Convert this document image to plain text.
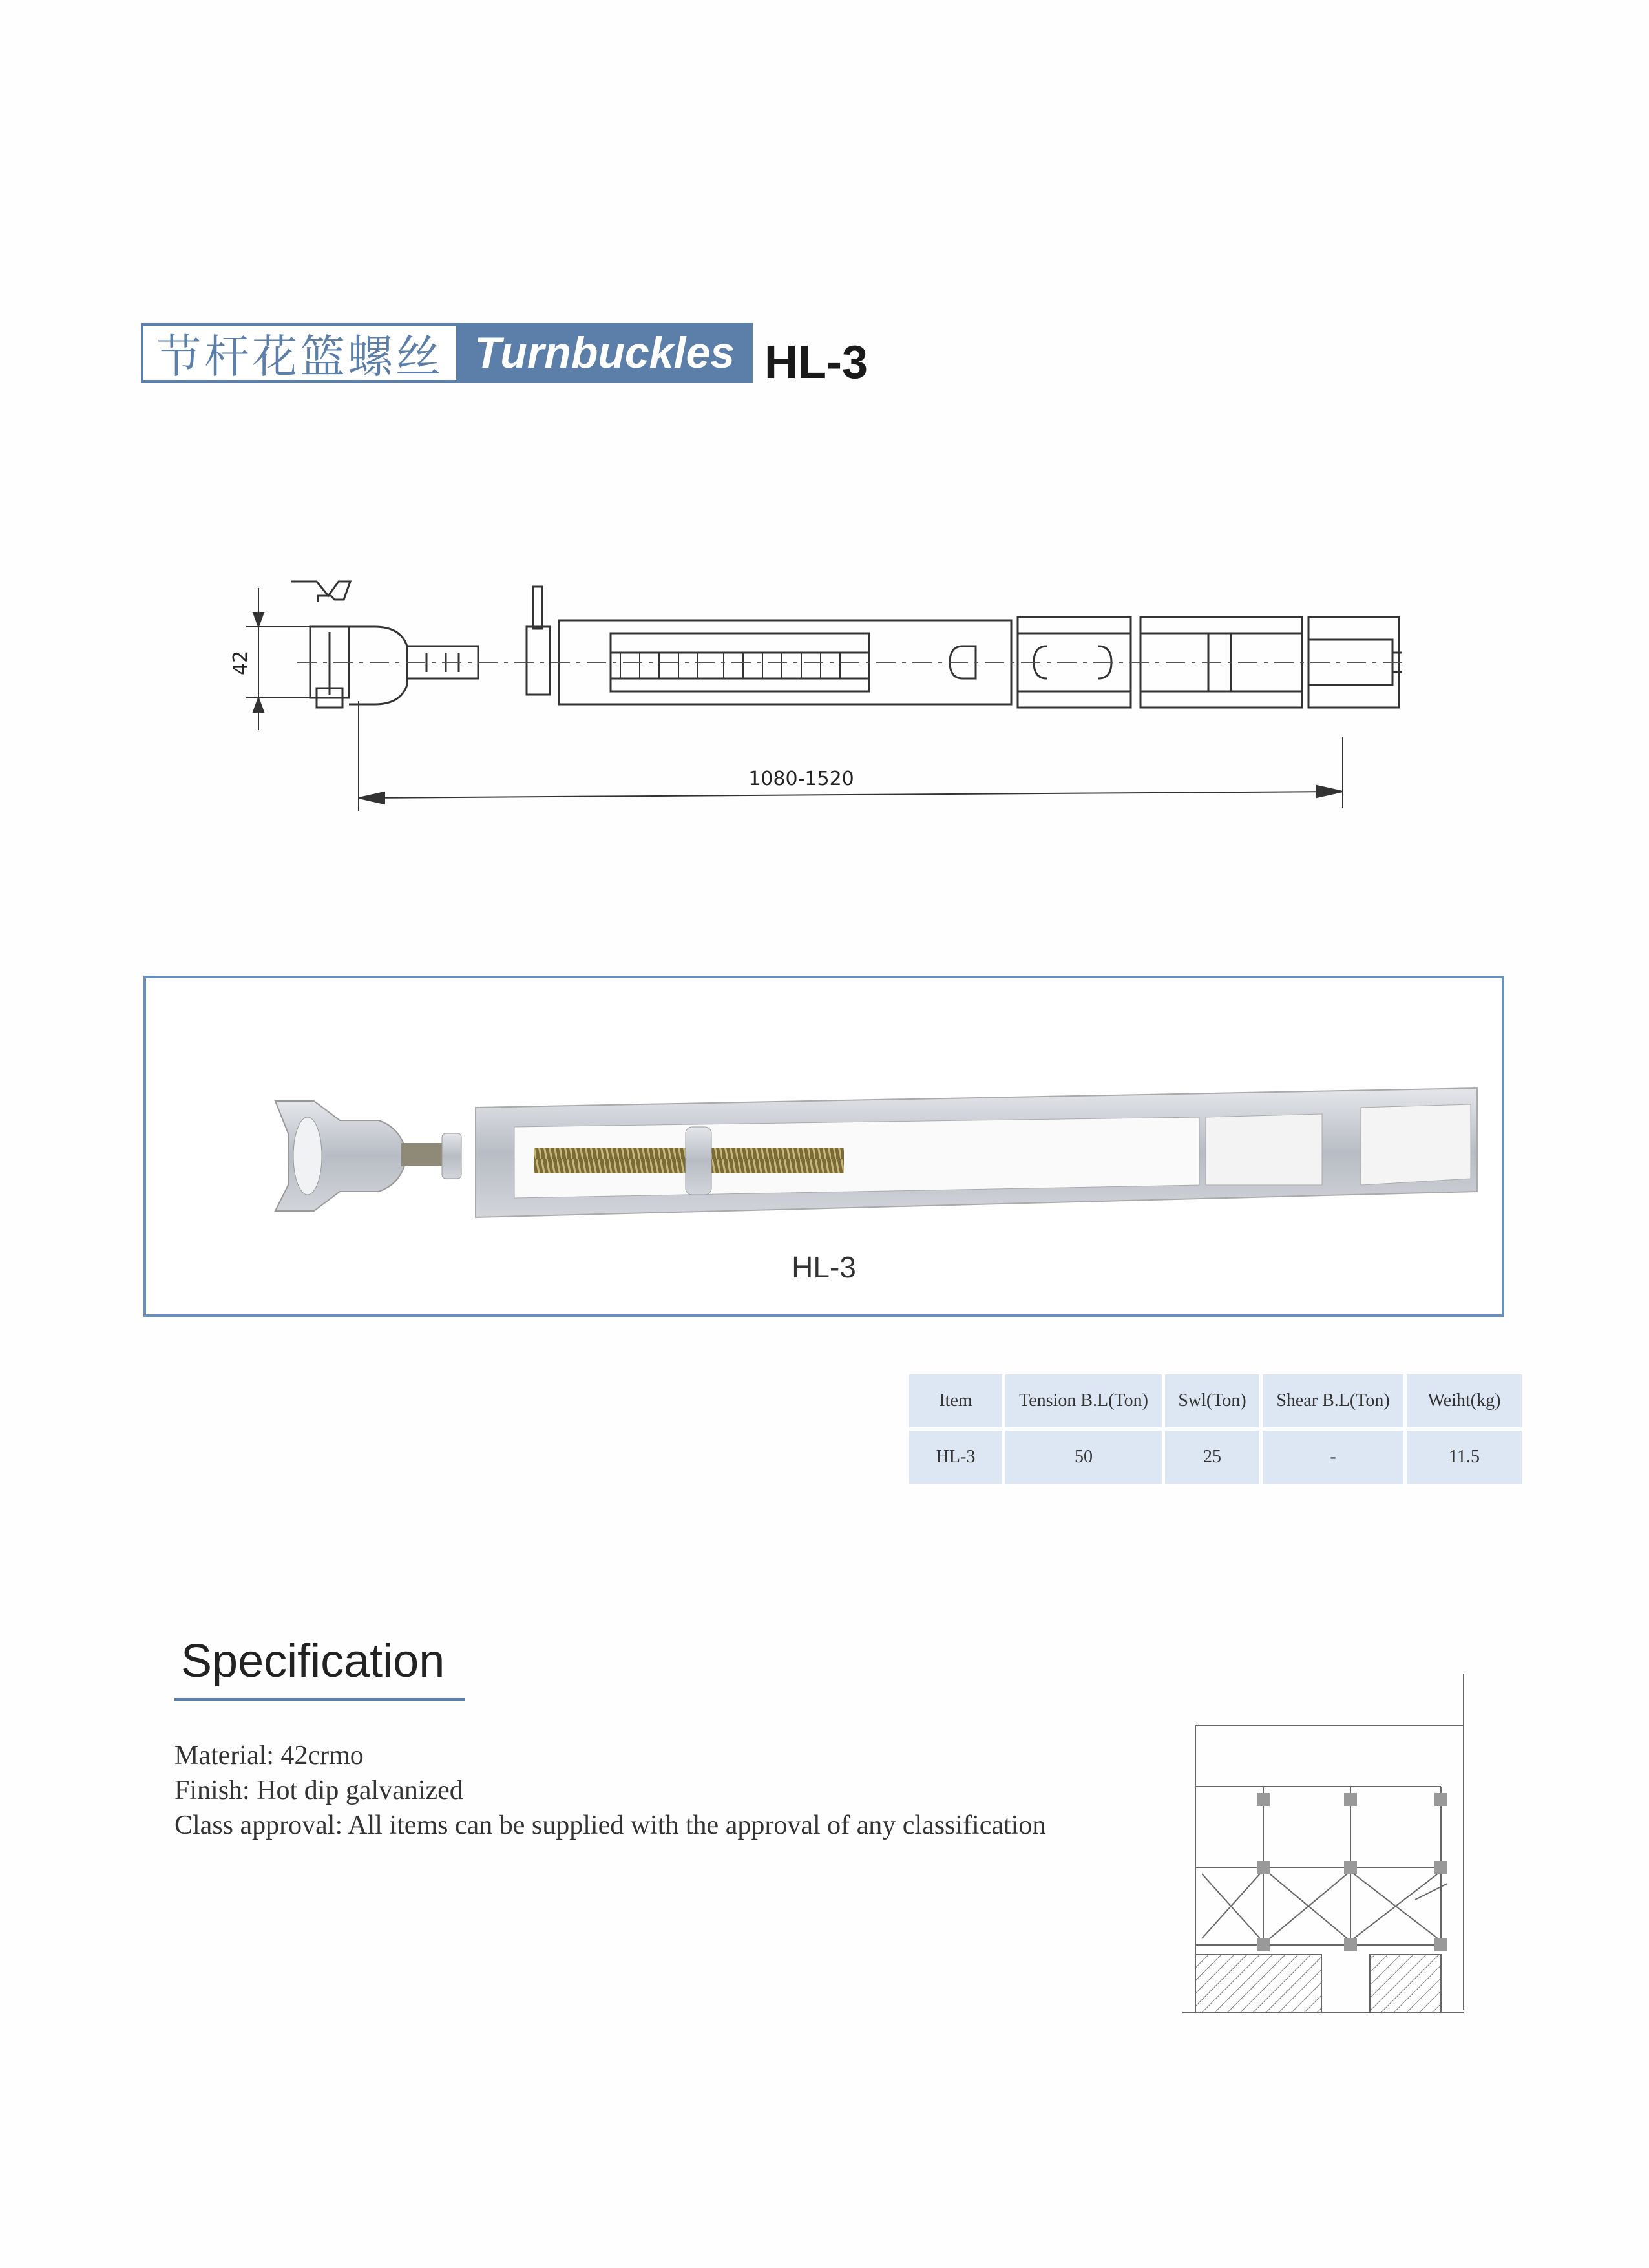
节杆花篮螺丝 Turnbuckles HL-3
42
1080-1520
HL-3
Item	Tension B.L(Ton)	Swl(Ton)	Shear B.L(Ton)	Weiht(kg)
HL-3	50	25	-	11.5
Specification
Material: 42crmo
Finish: Hot dip galvanized
Class approval: All items can be supplied with the approval of any classification
